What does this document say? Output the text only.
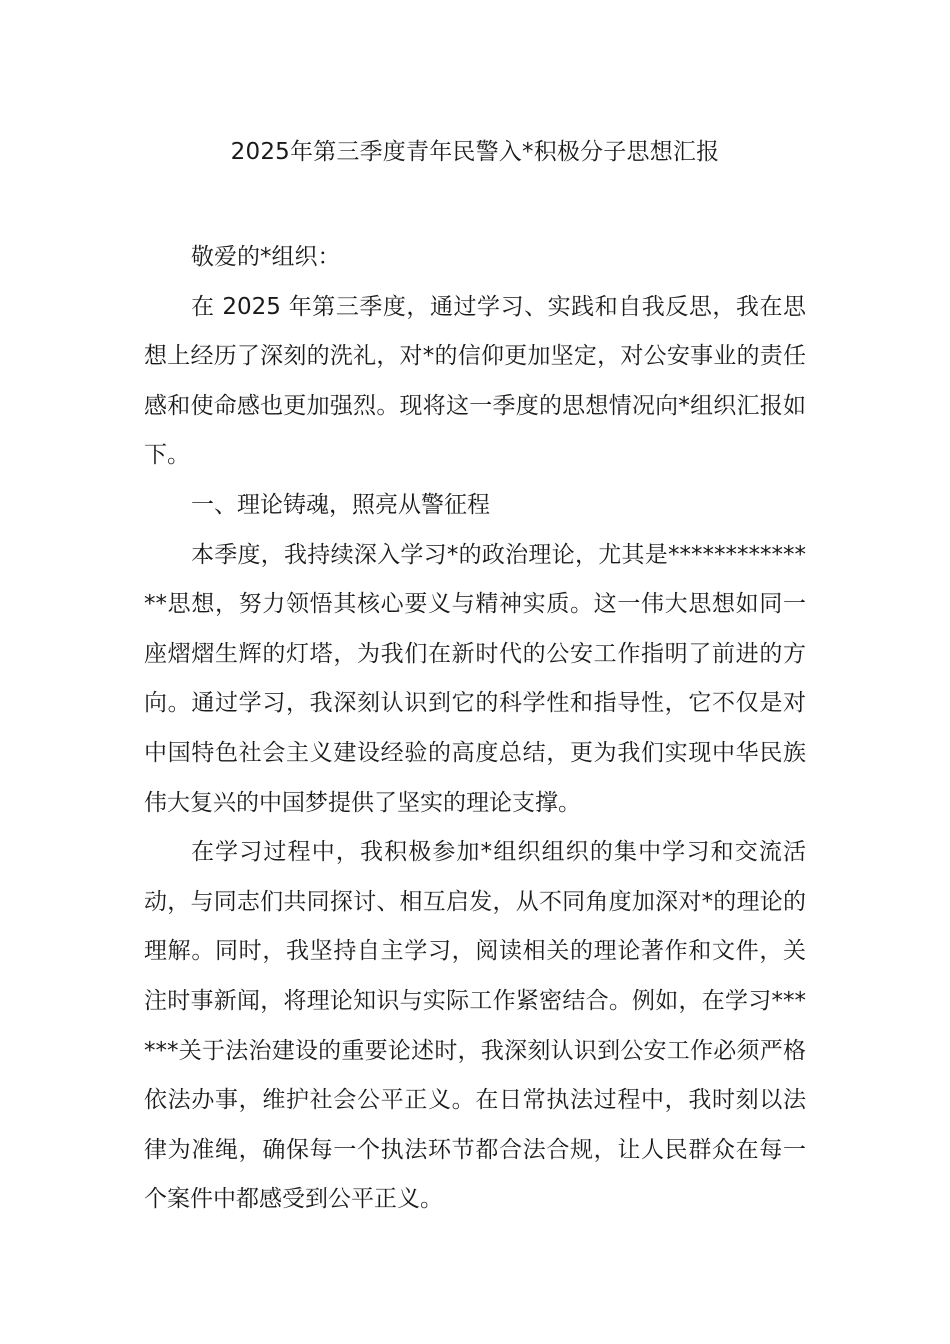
2025年第三季度青年民警入*积极分子思想汇报

敬爱的*组织：

在 2025 年第三季度，通过学习、实践和自我反思，我在思想上经历了深刻的洗礼，对*的信仰更加坚定，对公安事业的责任感和使命感也更加强烈。现将这一季度的思想情况向*组织汇报如下。

一、理论铸魂，照亮从警征程

本季度，我持续深入学习*的政治理论，尤其是**************思想，努力领悟其核心要义与精神实质。这一伟大思想如同一座熠熠生辉的灯塔，为我们在新时代的公安工作指明了前进的方向。通过学习，我深刻认识到它的科学性和指导性，它不仅是对中国特色社会主义建设经验的高度总结，更为我们实现中华民族伟大复兴的中国梦提供了坚实的理论支撑。

在学习过程中，我积极参加*组织组织的集中学习和交流活动，与同志们共同探讨、相互启发，从不同角度加深对*的理论的理解。同时，我坚持自主学习，阅读相关的理论著作和文件，关注时事新闻，将理论知识与实际工作紧密结合。例如，在学习******关于法治建设的重要论述时，我深刻认识到公安工作必须严格依法办事，维护社会公平正义。在日常执法过程中，我时刻以法律为准绳，确保每一个执法环节都合法合规，让人民群众在每一个案件中都感受到公平正义。
